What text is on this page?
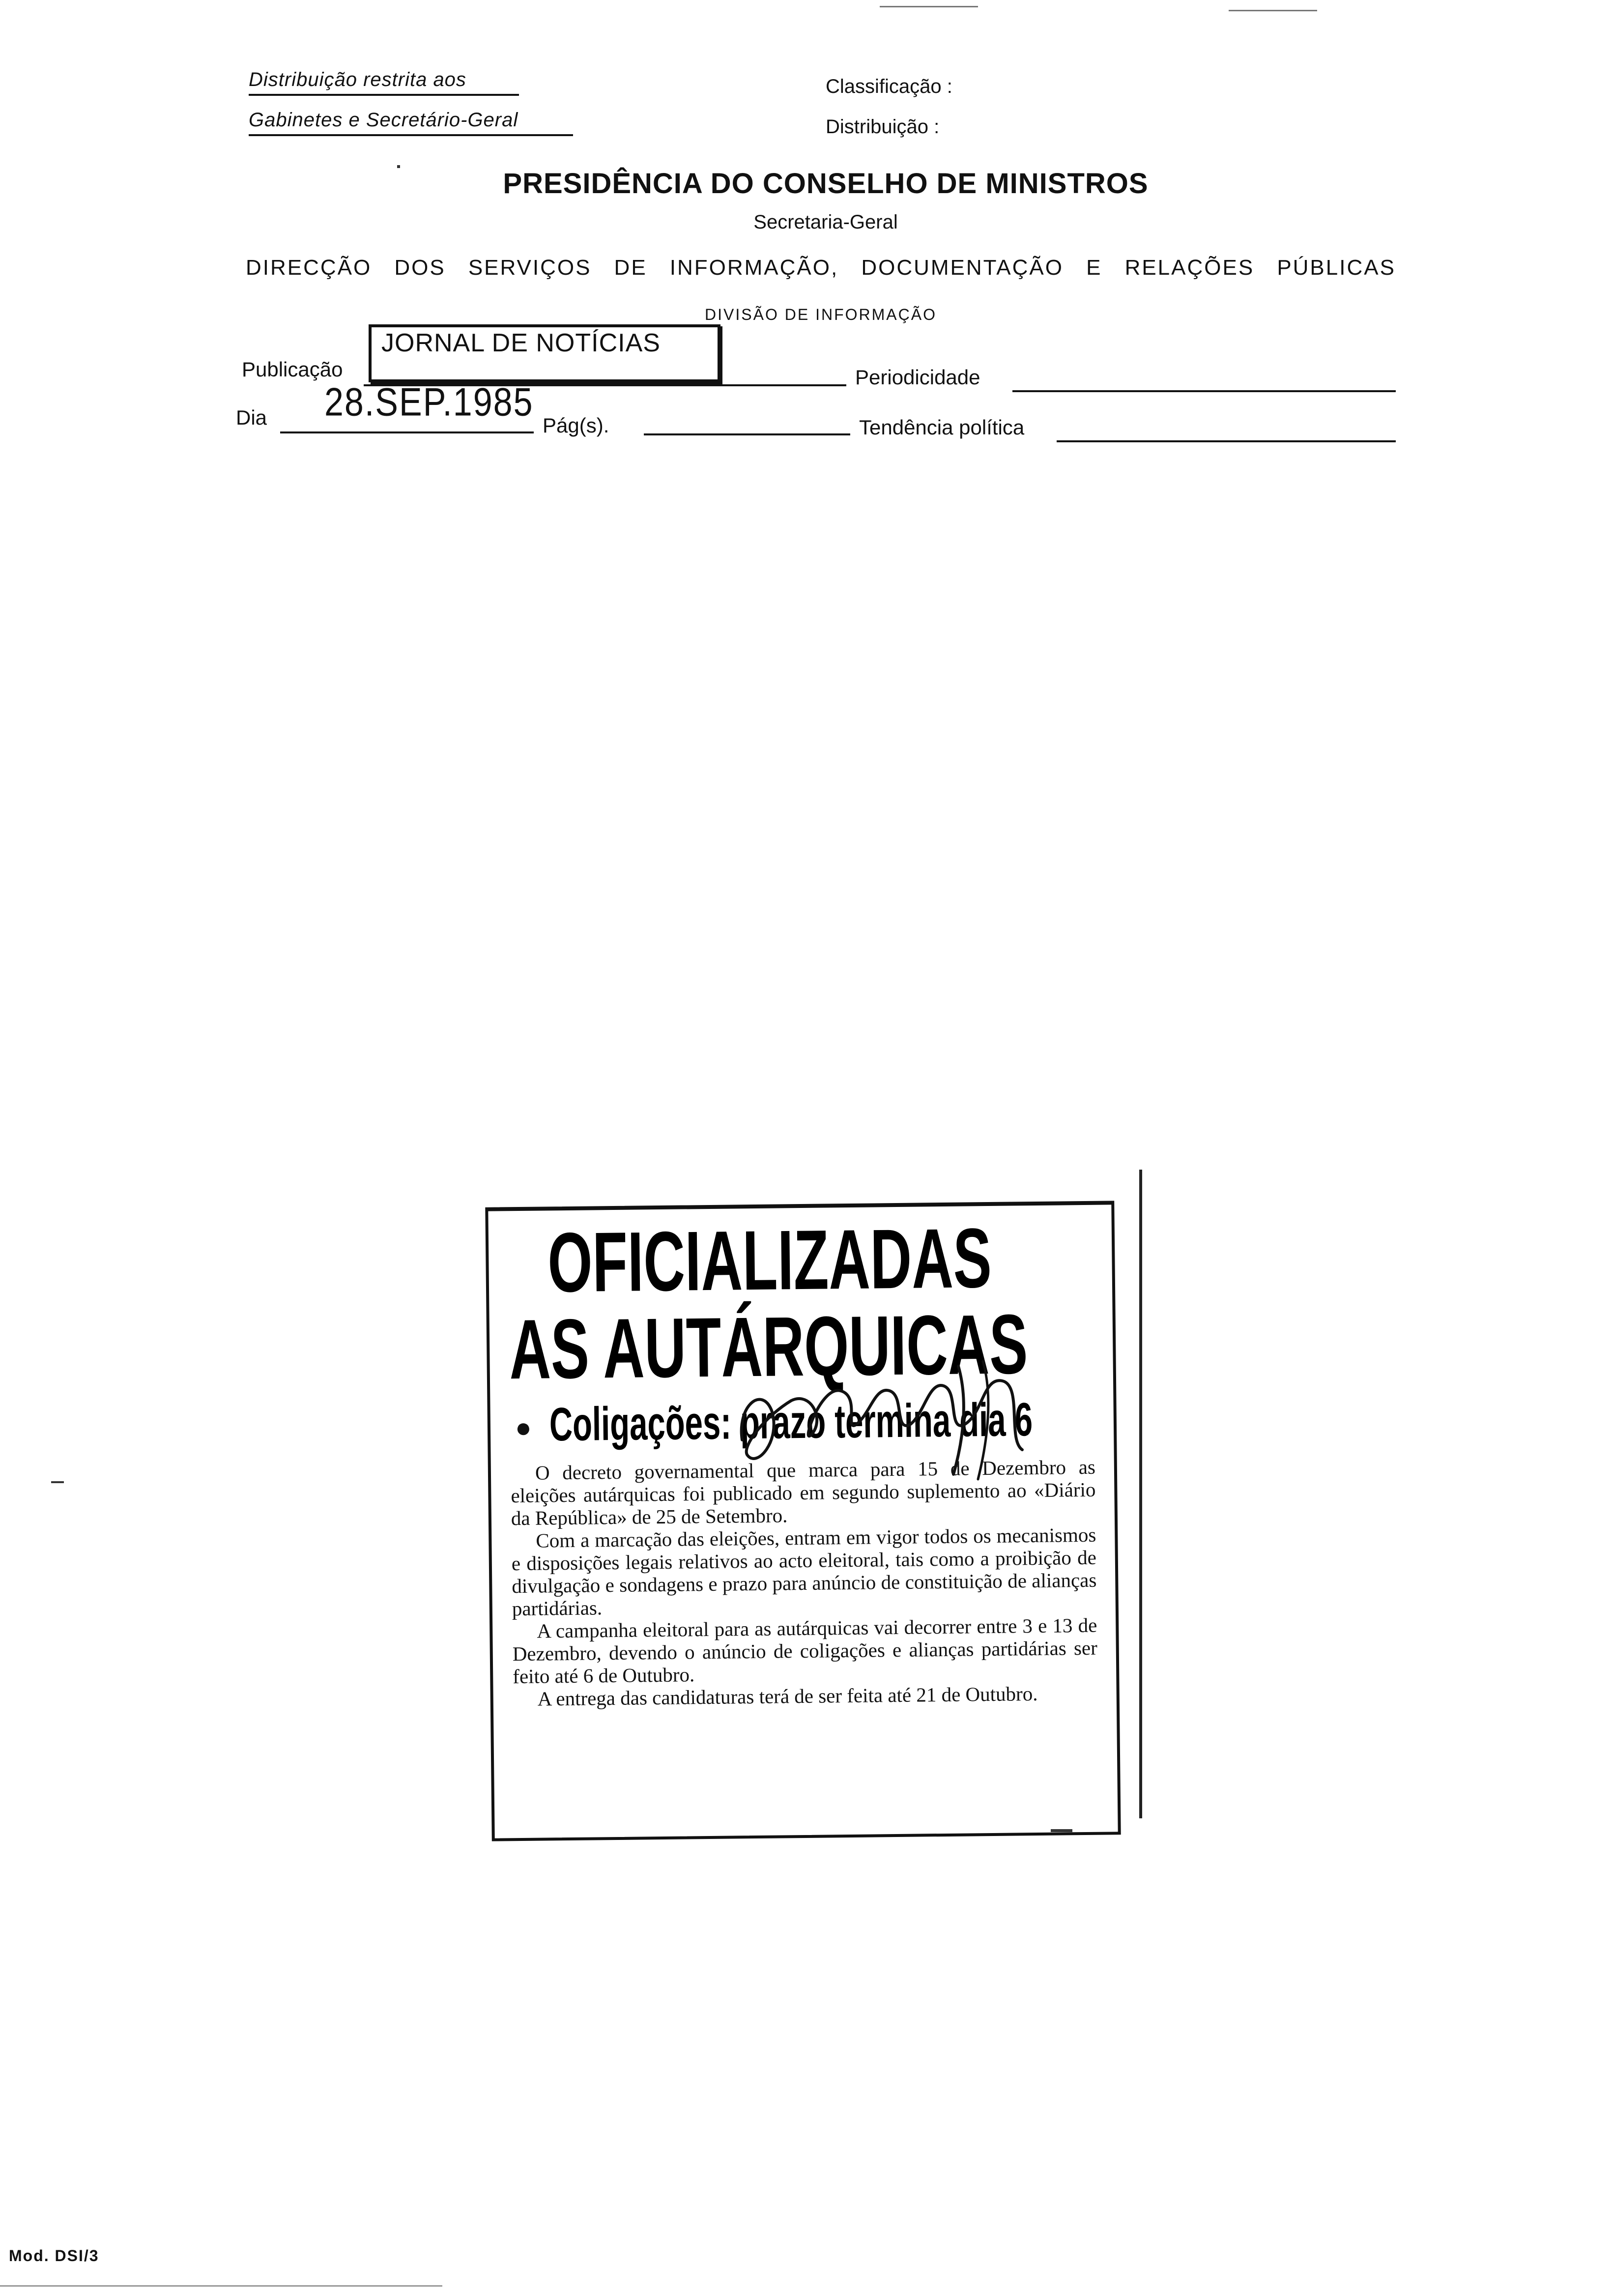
Distribuição restrita aos
Gabinetes e Secretário-Geral
Classificação :
Distribuição :
PRESIDÊNCIA DO CONSELHO DE MINISTROS
Secretaria-Geral
DIRECÇÃO DOS SERVIÇOS DE INFORMAÇÃO, DOCUMENTAÇÃO E RELAÇÕES PÚBLICAS
DIVISÃO DE INFORMAÇÃO
Publicação
JORNAL DE NOTÍCIAS
Periodicidade
Dia 28.SEP.1985
Pág(s).	Tendência política
OFICIALIZADAS
AS AUTÁRQUICAS
● Coligações: prazo termina dia 6

O decreto governamental que marca para 15 de Dezembro as eleições autárquicas foi publicado em segundo suplemento ao «Diário da República» de 25 de Setembro.

Com a marcação das eleições, entram em vigor todos os mecanismos e disposições legais relativos ao acto eleitoral, tais como a proibição de divulgação e sondagens e prazo para anúncio de constituição de alianças partidárias.

A campanha eleitoral para as autárquicas vai decorrer entre 3 e 13 de Dezembro, devendo o anúncio de coligações e alianças partidárias ser feito até 6 de Outubro.

A entrega das candidaturas terá de ser feita até 21 de Outubro.

Mod. DSI/3
